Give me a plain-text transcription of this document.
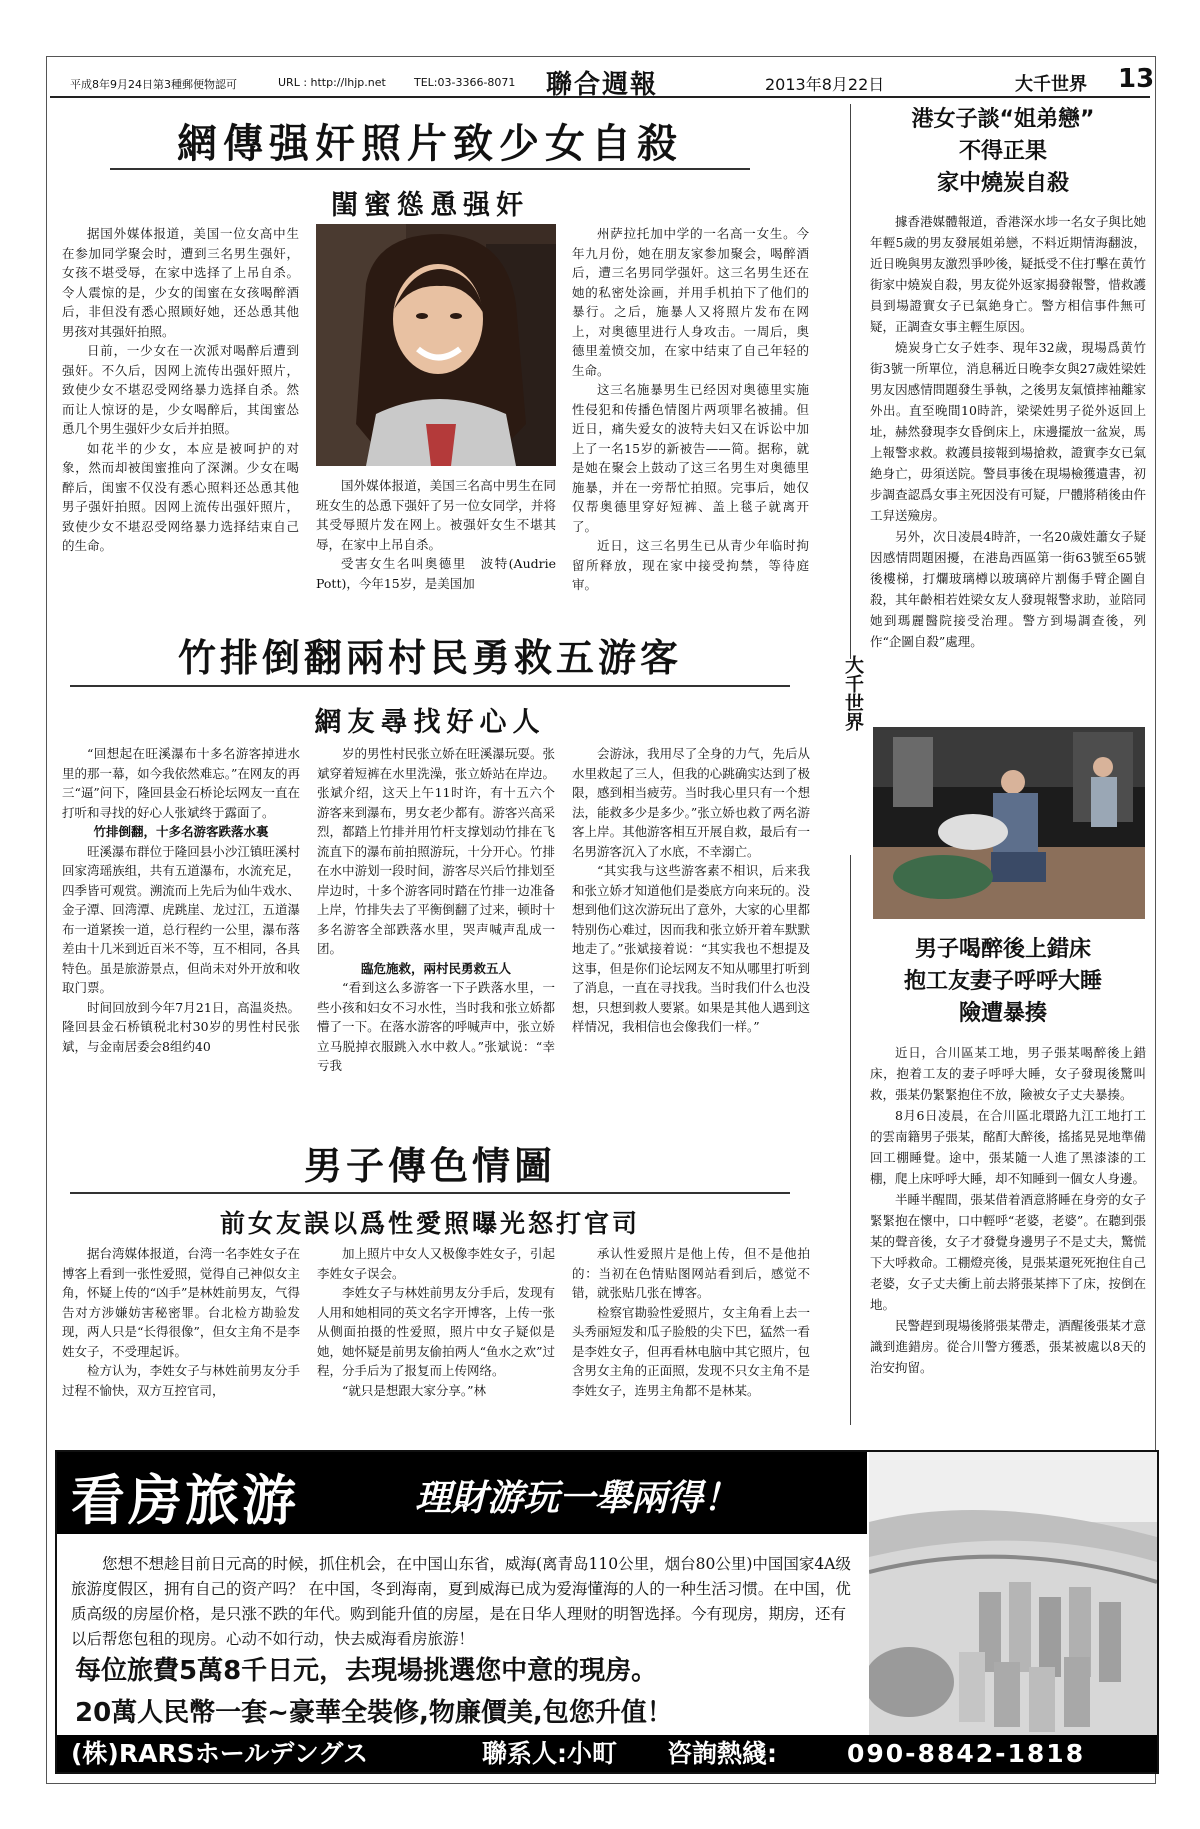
平成8年9月24日第3種郵便物認可	URL : http://lhjp.net	TEL:03-3366-8071 聯合週報	2013年8月22日	大千世界 13
網傳强奸照片致少女自殺
閨蜜慫恿强奸

据国外媒体报道，美国一位女高中生在参加同学聚会时，遭到三名男生强奸，女孩不堪受辱，在家中选择了上吊自杀。令人震惊的是，少女的闺蜜在女孩喝醉酒后，非但没有悉心照顾好她，还怂恿其他男孩对其强奸拍照。

日前，一少女在一次派对喝醉后遭到强奸。不久后，因网上流传出强奸照片，致使少女不堪忍受网络暴力选择自杀。然而让人惊讶的是，少女喝醉后，其闺蜜怂恿几个男生强奸少女后并拍照。

如花半的少女，本应是被呵护的对象，然而却被闺蜜推向了深渊。少女在喝醉后，闺蜜不仅没有悉心照料还怂恿其他男子强奸拍照。因网上流传出强奸照片，致使少女不堪忍受网络暴力选择结束自己的生命。

国外媒体报道，美国三名高中男生在同班女生的怂恿下强奸了另一位女同学，并将其受辱照片发在网上。被强奸女生不堪其辱，在家中上吊自杀。

受害女生名叫奥德里　波特(Audrie Pott)，今年15岁，是美国加

州萨拉托加中学的一名高一女生。今年九月份，她在朋友家参加聚会，喝醉酒后，遭三名男同学强奸。这三名男生还在她的私密处涂画，并用手机拍下了他们的暴行。之后，施暴人又将照片发布在网上，对奥德里进行人身攻击。一周后，奥德里羞愤交加，在家中结束了自己年轻的生命。

这三名施暴男生已经因对奥德里实施性侵犯和传播色情图片两项罪名被捕。但近日，痛失爱女的波特夫妇又在诉讼中加上了一名15岁的新被告——简。据称，就是她在聚会上鼓动了这三名男生对奥德里施暴，并在一旁帮忙拍照。完事后，她仅仅帮奥德里穿好短裤、盖上毯子就离开了。

近日，这三名男生已从青少年临时拘留所释放，现在家中接受拘禁，等待庭审。

竹排倒翻兩村民勇救五游客
網友尋找好心人

“回想起在旺溪瀑布十多名游客掉进水里的那一幕，如今我依然难忘。”在网友的再三“逼”问下，隆回县金石桥论坛网友一直在打听和寻找的好心人张斌终于露面了。

竹排倒翻，十多名游客跌落水裏

旺溪瀑布群位于隆回县小沙江镇旺溪村回家湾瑶族组，共有五道瀑布，水流充足，四季皆可观赏。溯流而上先后为仙牛戏水、金子潭、回湾潭、虎跳崖、龙过江，五道瀑布一道紧挨一道，总行程约一公里，瀑布落差由十几米到近百米不等，互不相同，各具特色。虽是旅游景点，但尚未对外开放和收取门票。

时间回放到今年7月21日，高温炎热。隆回县金石桥镇税北村30岁的男性村民张斌，与金南居委会8组约40

岁的男性村民张立娇在旺溪瀑玩耍。张斌穿着短裤在水里洗澡，张立娇站在岸边。张斌介绍，这天上午11时许，有十五六个游客来到瀑布，男女老少都有。游客兴高采烈，都踏上竹排并用竹杆支撑划动竹排在飞流直下的瀑布前拍照游玩，十分开心。竹排在水中游划一段时间，游客尽兴后竹排划至岸边时，十多个游客同时踏在竹排一边准备上岸，竹排失去了平衡倒翻了过来，顿时十多名游客全部跌落水里，哭声喊声乱成一团。

臨危施救，兩村民勇救五人

“看到这么多游客一下子跌落水里，一些小孩和妇女不习水性，当时我和张立娇都懵了一下。在落水游客的呼喊声中，张立娇立马脱掉衣服跳入水中救人。”张斌说：“幸亏我

会游泳，我用尽了全身的力气，先后从水里救起了三人，但我的心跳确实达到了极限，感到相当疲劳。当时我心里只有一个想法，能救多少是多少。”张立娇也救了两名游客上岸。其他游客相互开展自救，最后有一名男游客沉入了水底，不幸溺亡。

“其实我与这些游客素不相识，后来我和张立娇才知道他们是娄底方向来玩的。没想到他们这次游玩出了意外，大家的心里都特别伤心难过，因而我和张立娇开着车默默地走了。”张斌接着说：“其实我也不想提及这事，但是你们论坛网友不知从哪里打听到了消息，一直在寻找我。当时我们什么也没想，只想到救人要紧。如果是其他人遇到这样情况，我相信也会像我们一样。”

男子傳色情圖
前女友誤以爲性愛照曝光怒打官司

据台湾媒体报道，台湾一名李姓女子在博客上看到一张性爱照，觉得自己神似女主角，怀疑上传的“凶手”是林姓前男友，气得告对方涉嫌妨害秘密罪。台北检方勘验发现，两人只是“长得很像”，但女主角不是李姓女子，不受理起诉。

检方认为，李姓女子与林姓前男友分手过程不愉快，双方互控官司，

加上照片中女人又极像李姓女子，引起李姓女子误会。

李姓女子与林姓前男友分手后，发现有人用和她相同的英文名字开博客，上传一张从侧面拍摄的性爱照，照片中女子疑似是她，她怀疑是前男友偷拍两人“鱼水之欢”过程，分手后为了报复而上传网络。

“就只是想跟大家分享。”林

承认性爱照片是他上传，但不是他拍的：当初在色情贴图网站看到后，感觉不错，就张贴几张在博客。

检察官勘验性爱照片，女主角看上去一头秀丽短发和瓜子脸般的尖下巴，猛然一看是李姓女子，但再看林电脑中其它照片，包含男女主角的正面照，发现不只女主角不是李姓女子，连男主角都不是林某。

大千世界
港女子談“姐弟戀”
不得正果
家中燒炭自殺

據香港媒體報道，香港深水埗一名女子與比她年輕5歲的男友發展姐弟戀，不料近期情海翻波，近日晚與男友激烈爭吵後，疑抵受不住打擊在黄竹街家中燒炭自殺，男友從外返家揭發報警，惜救護員到場證實女子已氣絶身亡。警方相信事件無可疑，正調查女事主輕生原因。

燒炭身亡女子姓李、現年32歲，現場爲黄竹街3號一所單位，消息稱近日晚李女與27歲姓梁姓男友因感情問題發生爭執，之後男友氣憤摔袖離家外出。直至晚間10時許，梁梁姓男子從外返回上址，赫然發現李女昏倒床上，床邊擺放一盆炭，馬上報警求救。救護員接報到場搶救，證實李女已氣絶身亡，毋須送院。警員事後在現場檢獲遺書，初步調查認爲女事主死因没有可疑，尸體將稍後由仵工舁送殮房。

另外，次日凌晨4時許，一名20歲姓蕭女子疑因感情問題困擾，在港島西區第一街63號至65號後樓梯，打爛玻璃樽以玻璃碎片割傷手臂企圖自殺，其年齡相若姓梁女友人發現報警求助，並陪同她到瑪麗醫院接受治理。警方到場調查後，列作“企圖自殺”處理。

男子喝醉後上錯床
抱工友妻子呼呼大睡
險遭暴揍

近日，合川區某工地，男子張某喝醉後上錯床，抱着工友的妻子呼呼大睡，女子發現後驚叫救，張某仍緊緊抱住不放，險被女子丈夫暴揍。

8月6日凌晨，在合川區北環路九江工地打工的雲南籍男子張某，酩酊大醉後，搖搖晃晃地準備回工棚睡覺。途中，張某隨一人進了黑漆漆的工棚，爬上床呼呼大睡，却不知睡到一個女人身邊。

半睡半醒間，張某借着酒意將睡在身旁的女子緊緊抱在懷中，口中輕呼“老婆，老婆”。在聽到張某的聲音後，女子才發覺身邊男子不是丈夫，驚慌下大呼救命。工棚燈亮後，見張某還死死抱住自己老婆，女子丈夫衝上前去將張某摔下了床，按倒在地。

民警趕到現場後將張某帶走，酒醒後張某才意識到進錯房。從合川警方獲悉，張某被處以8天的治安拘留。

看房旅游	理財游玩一舉兩得！
您想不想趁目前日元高的时候，抓住机会，在中国山东省，威海(离青岛110公里，烟台80公里)中国国家4A级旅游度假区，拥有自己的资产吗？ 在中国，冬到海南，夏到威海已成为爱海懂海的人的一种生活习惯。在中国，优质高级的房屋价格，是只涨不跌的年代。购到能升值的房屋，是在日华人理财的明智选择。今有现房，期房，还有以后帮您包租的现房。心动不如行动，快去威海看房旅游！
每位旅費5萬8千日元，去現場挑選您中意的現房。
20萬人民幣一套~豪華全裝修,物廉價美,包您升值！
(株)RARSホールデングス	聯系人:小町 咨詢熱綫:	090-8842-1818
